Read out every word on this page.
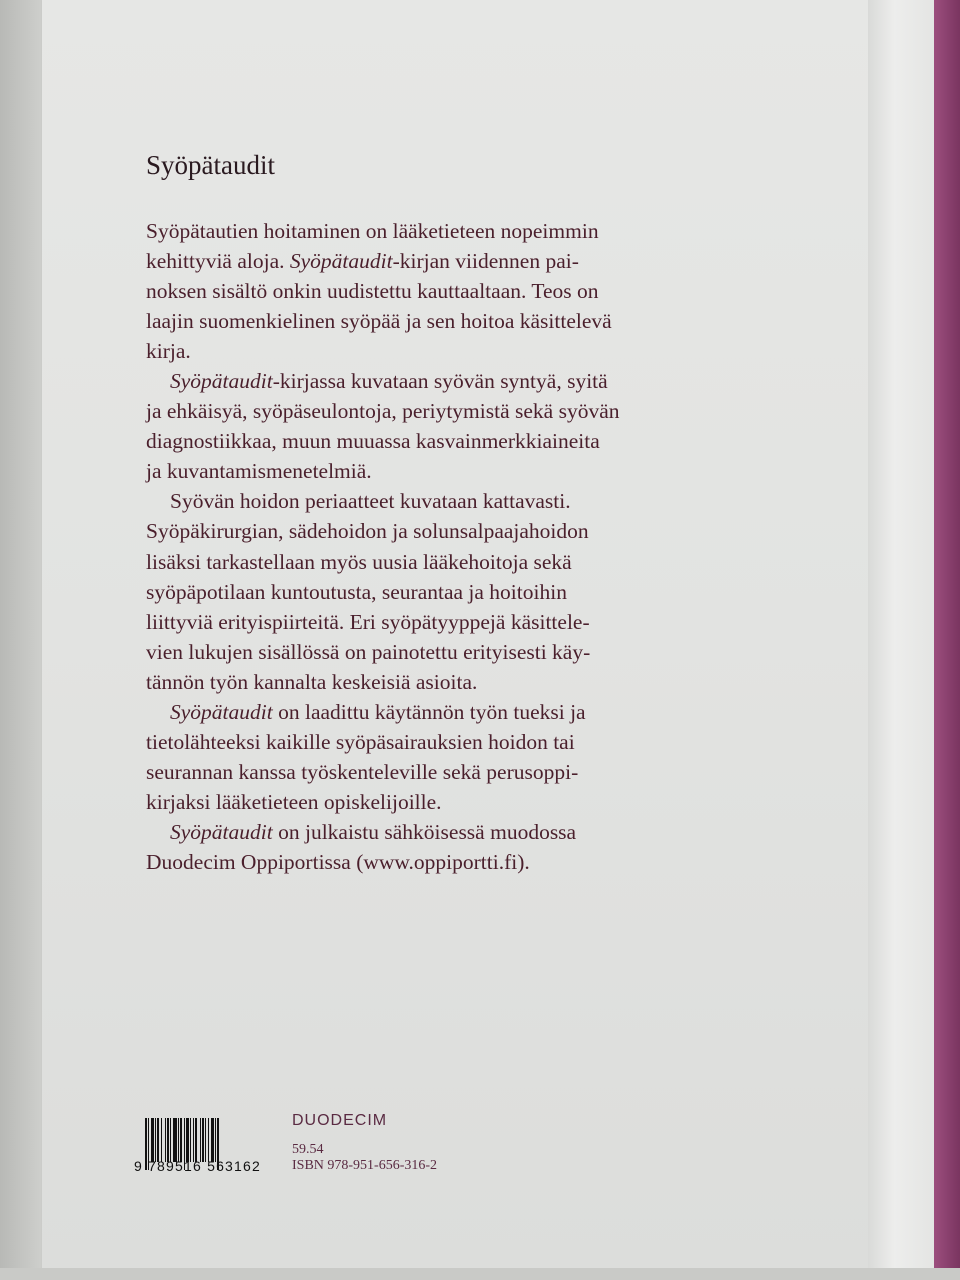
Syöpätaudit
Syöpätautien hoitaminen on lääketieteen nopeimmin
kehittyviä aloja. Syöpätaudit-kirjan viidennen pai-
noksen sisältö onkin uudistettu kauttaaltaan. Teos on
laajin suomenkielinen syöpää ja sen hoitoa käsittelevä
kirja.
Syöpätaudit-kirjassa kuvataan syövän syntyä, syitä
ja ehkäisyä, syöpäseulontoja, periytymistä sekä syövän
diagnostiikkaa, muun muuassa kasvainmerkkiaineita
ja kuvantamismenetelmiä.
Syövän hoidon periaatteet kuvataan kattavasti.
Syöpäkirurgian, sädehoidon ja solunsalpaajahoidon
lisäksi tarkastellaan myös uusia lääkehoitoja sekä
syöpäpotilaan kuntoutusta, seurantaa ja hoitoihin
liittyviä erityispiirteitä. Eri syöpätyyppejä käsittele-
vien lukujen sisällössä on painotettu erityisesti käy-
tännön työn kannalta keskeisiä asioita.
Syöpätaudit on laadittu käytännön työn tueksi ja
tietolähteeksi kaikille syöpäsairauksien hoidon tai
seurannan kanssa työskenteleville sekä perusoppi-
kirjaksi lääketieteen opiskelijoille.
Syöpätaudit on julkaistu sähköisessä muodossa
Duodecim Oppiportissa (www.oppiportti.fi).
9 789516 563162
DUODECIM
59.54
ISBN 978-951-656-316-2
